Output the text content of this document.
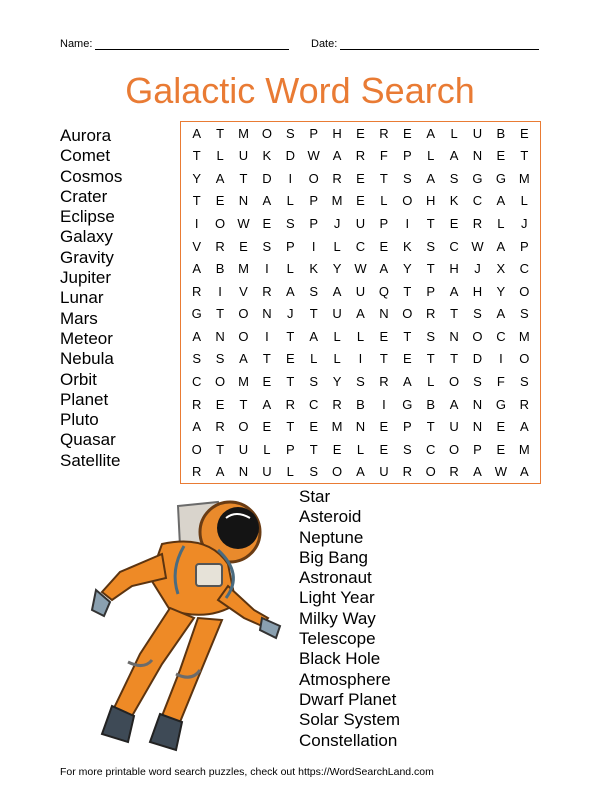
Name:	Date:
Galactic Word Search
Aurora
Comet
Cosmos
Crater
Eclipse
Galaxy
Gravity
Jupiter
Lunar
Mars
Meteor
Nebula
Orbit
Planet
Pluto
Quasar
Satellite
A	T	M O	S	P	H	E	R	E	A	L	U	B	E
T	L	U	K	D W A	R	F	P	L	A	N	E	T
Y	A	T	D	I	O	R	E	T	S	A	S	G	G M
T	E	N	A	L	P	M	E	L	O	H	K	C	A	L
I	O W E	S	P	J	U	P	I	T	E	R	L	J
V	R	E	S	P	I	L	C	E	K	S	C W A	P
A	B	M	I	L	K	Y W A	Y	T	H	J	X	C
R	I	V	R	A	S	A	U	Q	T	P	A	H	Y	O
G	T	O	N	J	T	U	A	N	O	R	T	S	A	S
A	N	O	I	T	A	L	L	E	T	S	N	O	C	M
S	S	A	T	E	L	L	I	T	E	T	T	D	I	O
C	O M	E	T	S	Y	S	R	A	L	O	S	F	S
R	E	T	A	R	C	R	B	I	G	B	A	N	G	R
A	R	O	E	T	E	M	N	E	P	T	U	N	E	A
O	T	U	L	P	T	E	L	E	S	C	O	P	E	M
R	A	N	U	L	S	O	A	U	R	O	R	A W A
Star
Asteroid
Neptune
Big Bang
Astronaut
Light Year
Milky Way
Telescope
Black Hole
Atmosphere
Dwarf Planet
Solar System
Constellation
For more printable word search puzzles, check out https://WordSearchLand.com
